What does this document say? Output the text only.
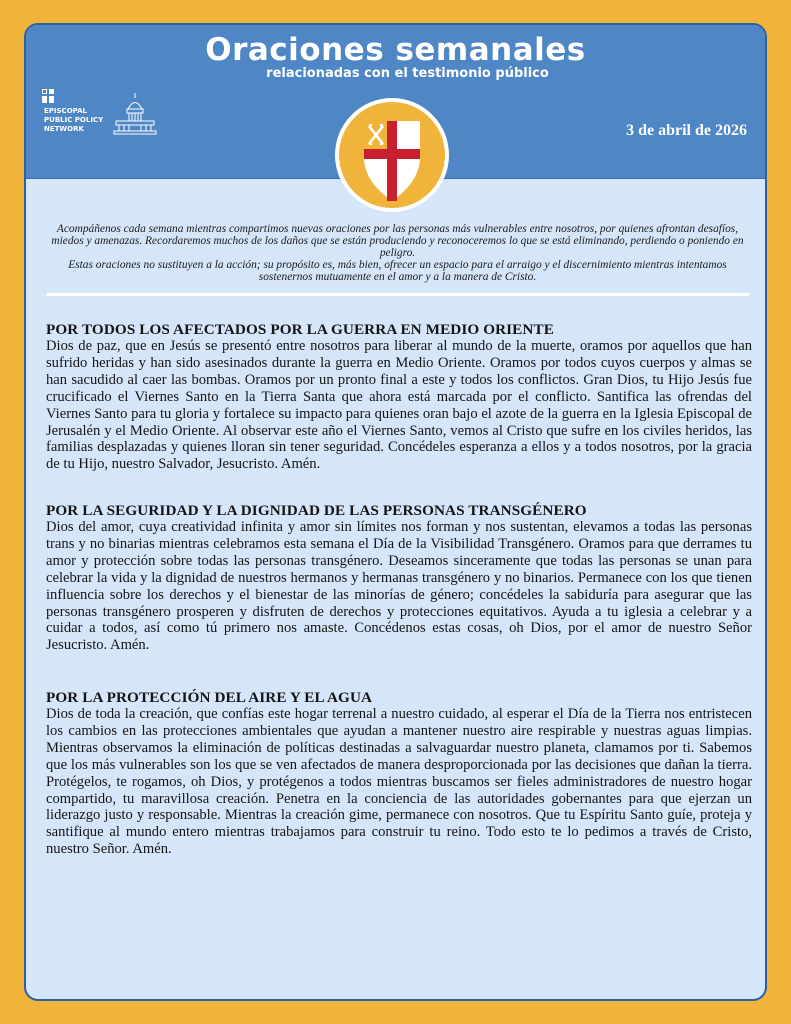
Oraciones semanales
relacionadas con el testimonio público
EPISCOPAL
PUBLIC POLICY
NETWORK	3 de abril de 2026

Acompáñenos cada semana mientras compartimos nuevas oraciones por las personas más vulnerables entre nosotros, por quienes afrontan desafíos, miedos y amenazas. Recordaremos muchos de los daños que se están produciendo y reconoceremos lo que se está eliminando, perdiendo o poniendo en peligro.

Estas oraciones no sustituyen a la acción; su propósito es, más bien, ofrecer un espacio para el arraigo y el discernimiento mientras intentamos sostenernos mutuamente en el amor y a la manera de Cristo.

POR TODOS LOS AFECTADOS POR LA GUERRA EN MEDIO ORIENTE

Dios de paz, que en Jesús se presentó entre nosotros para liberar al mundo de la muerte, oramos por aquellos que han sufrido heridas y han sido asesinados durante la guerra en Medio Oriente. Oramos por todos cuyos cuerpos y almas se han sacudido al caer las bombas. Oramos por un pronto final a este y todos los conflictos. Gran Dios, tu Hijo Jesús fue crucificado el Viernes Santo en la Tierra Santa que ahora está marcada por el conflicto. Santifica las ofrendas del Viernes Santo para tu gloria y fortalece su impacto para quienes oran bajo el azote de la guerra en la Iglesia Episcopal de Jerusalén y el Medio Oriente. Al observar este año el Viernes Santo, vemos al Cristo que sufre en los civiles heridos, las familias desplazadas y quienes lloran sin tener seguridad. Concédeles esperanza a ellos y a todos nosotros, por la gracia de tu Hijo, nuestro Salvador, Jesucristo. Amén.

POR LA SEGURIDAD Y LA DIGNIDAD DE LAS PERSONAS TRANSGÉNERO

Dios del amor, cuya creatividad infinita y amor sin límites nos forman y nos sustentan, elevamos a todas las personas trans y no binarias mientras celebramos esta semana el Día de la Visibilidad Transgénero. Oramos para que derrames tu amor y protección sobre todas las personas transgénero. Deseamos sinceramente que todas las personas se unan para celebrar la vida y la dignidad de nuestros hermanos y hermanas transgénero y no binarios. Permanece con los que tienen influencia sobre los derechos y el bienestar de las minorías de género; concédeles la sabiduría para asegurar que las personas transgénero prosperen y disfruten de derechos y protecciones equitativos. Ayuda a tu iglesia a celebrar y a cuidar a todos, así como tú primero nos amaste. Concédenos estas cosas, oh Dios, por el amor de nuestro Señor Jesucristo. Amén.

POR LA PROTECCIÓN DEL AIRE Y EL AGUA

Dios de toda la creación, que confías este hogar terrenal a nuestro cuidado, al esperar el Día de la Tierra nos entristecen los cambios en las protecciones ambientales que ayudan a mantener nuestro aire respirable y nuestras aguas limpias. Mientras observamos la eliminación de políticas destinadas a salvaguardar nuestro planeta, clamamos por ti. Sabemos que los más vulnerables son los que se ven afectados de manera desproporcionada por las decisiones que dañan la tierra. Protégelos, te rogamos, oh Dios, y protégenos a todos mientras buscamos ser fieles administradores de nuestro hogar compartido, tu maravillosa creación. Penetra en la conciencia de las autoridades gobernantes para que ejerzan un liderazgo justo y responsable. Mientras la creación gime, permanece con nosotros. Que tu Espíritu Santo guíe, proteja y santifique al mundo entero mientras trabajamos para construir tu reino. Todo esto te lo pedimos a través de Cristo, nuestro Señor. Amén.
